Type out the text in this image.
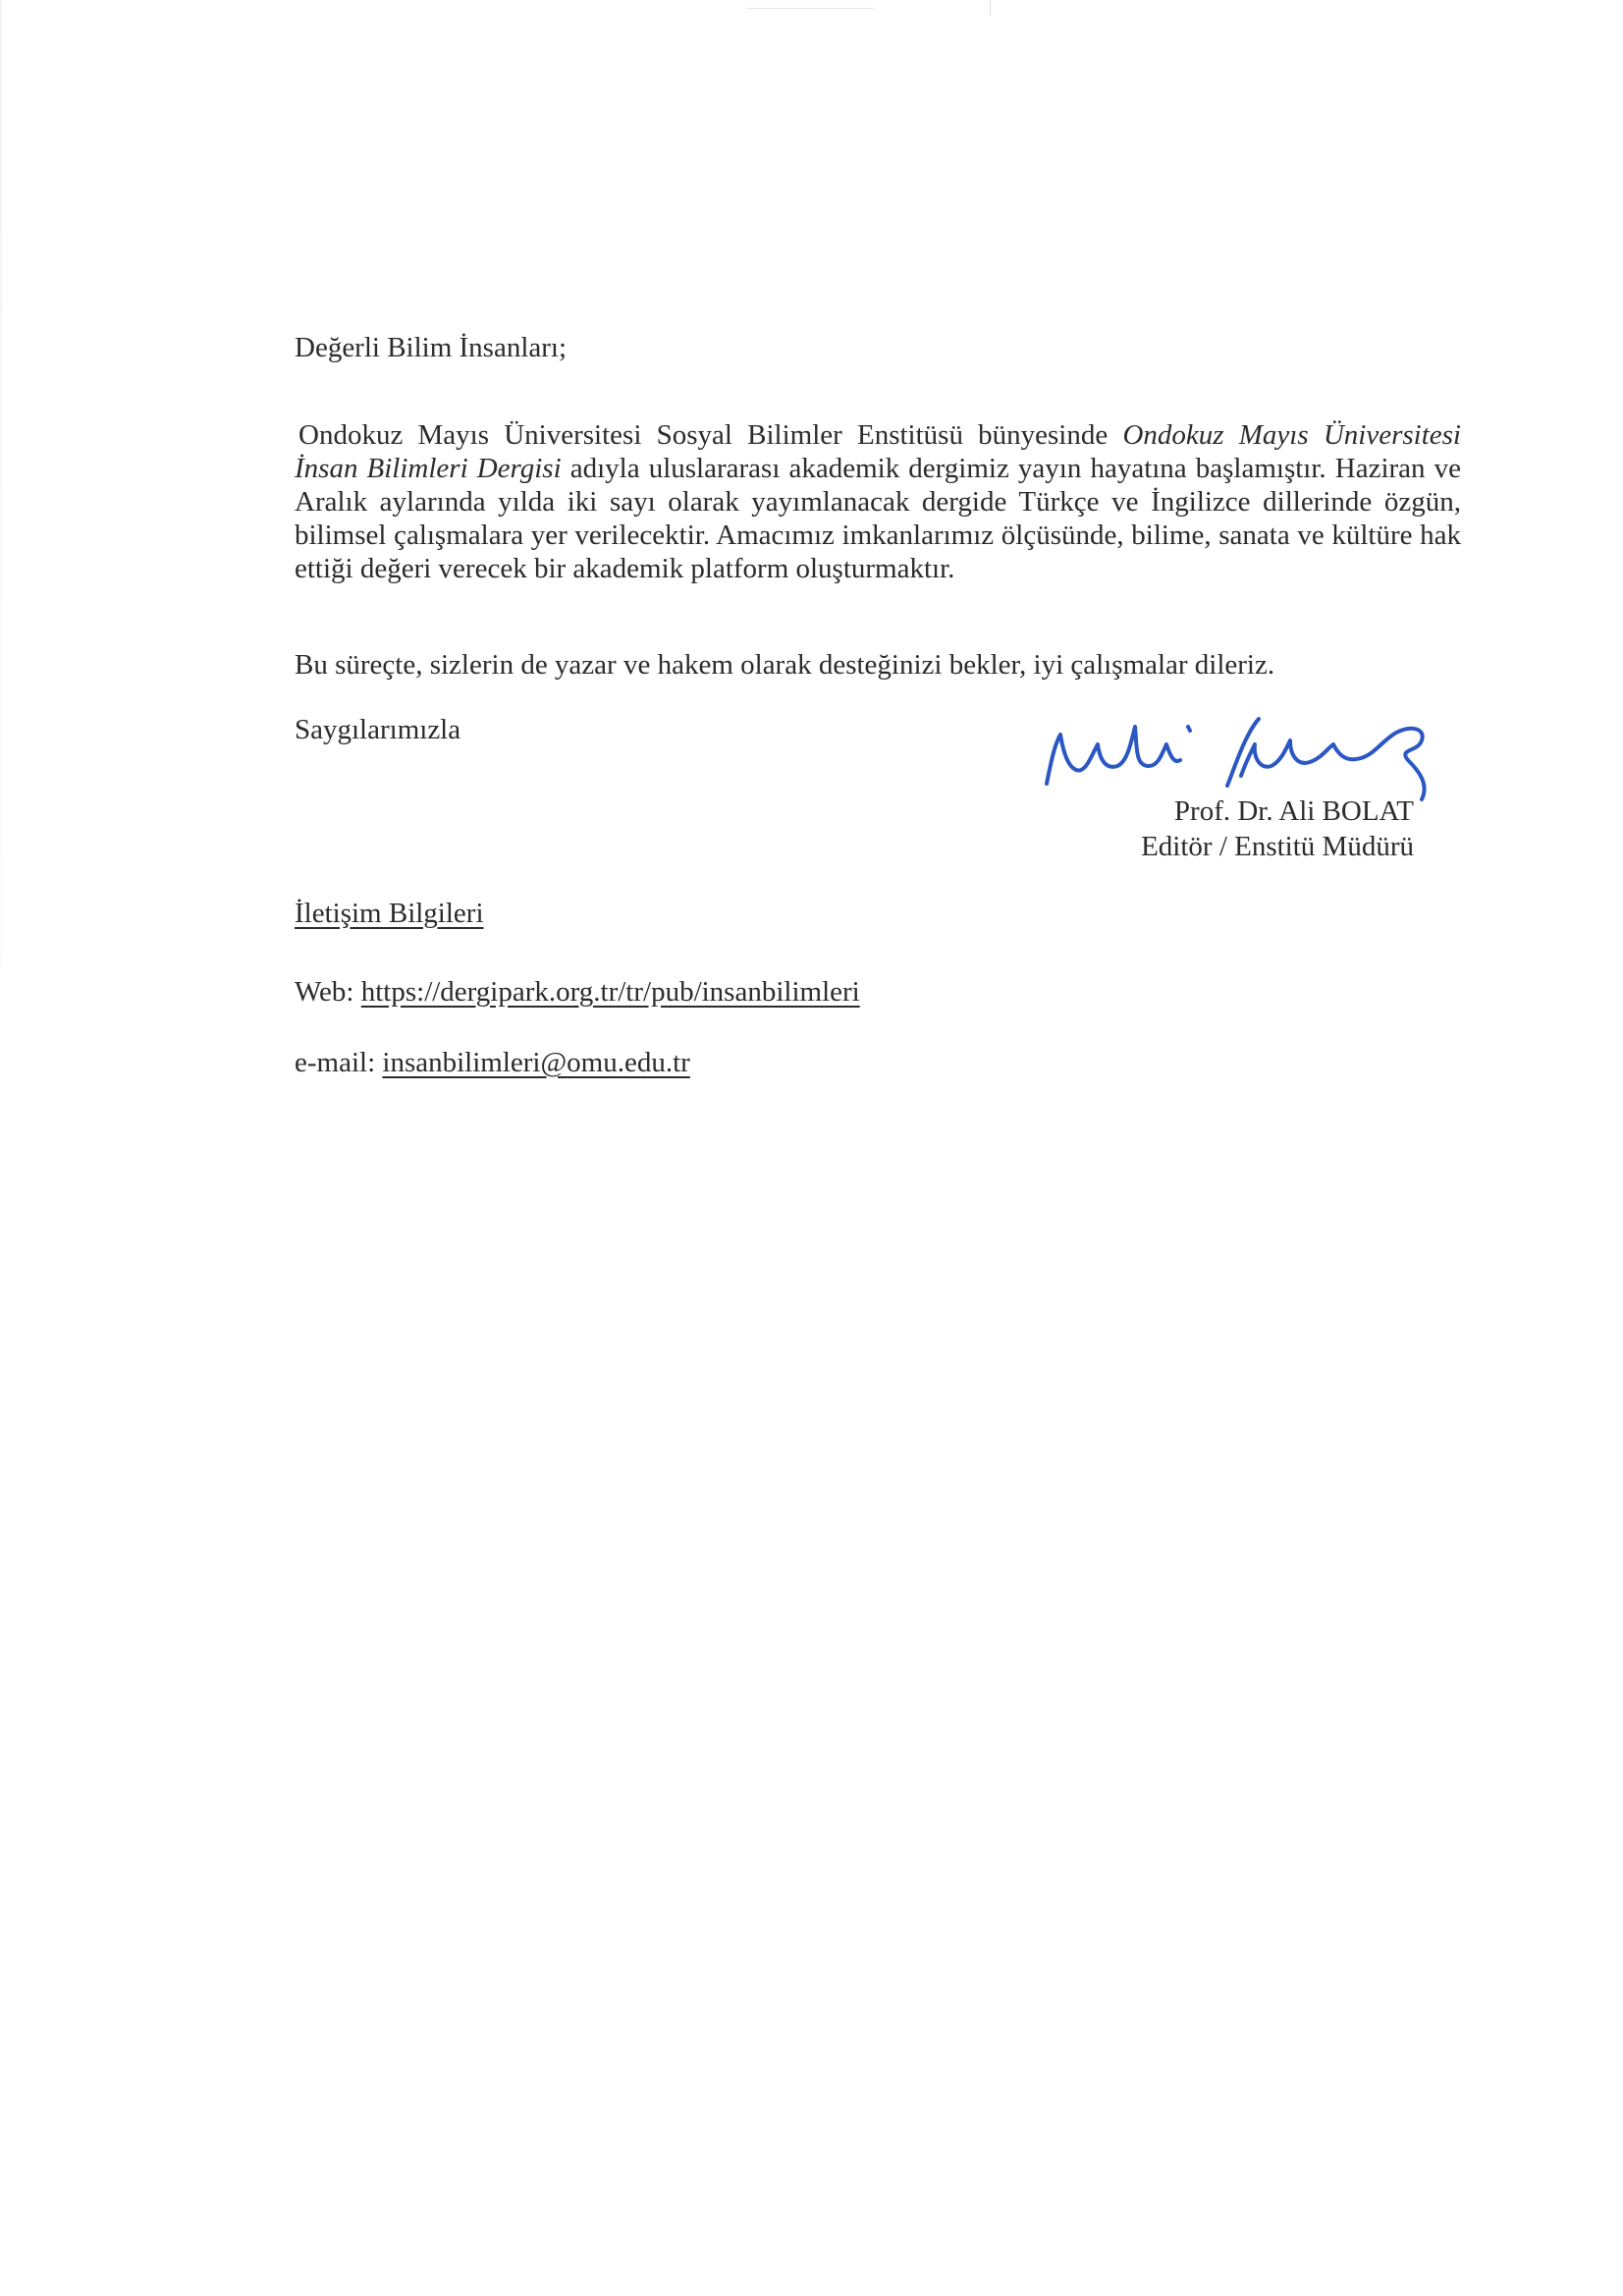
Değerli Bilim İnsanları;

Ondokuz Mayıs Üniversitesi Sosyal Bilimler Enstitüsü bünyesinde Ondokuz Mayıs Üniversitesi İnsan Bilimleri Dergisi adıyla uluslararası akademik dergimiz yayın hayatına başlamıştır. Haziran ve Aralık aylarında yılda iki sayı olarak yayımlanacak dergide Türkçe ve İngilizce dillerinde özgün, bilimsel çalışmalara yer verilecektir. Amacımız imkanlarımız ölçüsünde, bilime, sanata ve kültüre hak ettiği değeri verecek bir akademik platform oluşturmaktır.

Bu süreçte, sizlerin de yazar ve hakem olarak desteğinizi bekler, iyi çalışmalar dileriz.

Saygılarımızla

Prof. Dr. Ali BOLAT
Editör / Enstitü Müdürü

İletişim Bilgileri

Web: https://dergipark.org.tr/tr/pub/insanbilimleri

e-mail: insanbilimleri@omu.edu.tr
